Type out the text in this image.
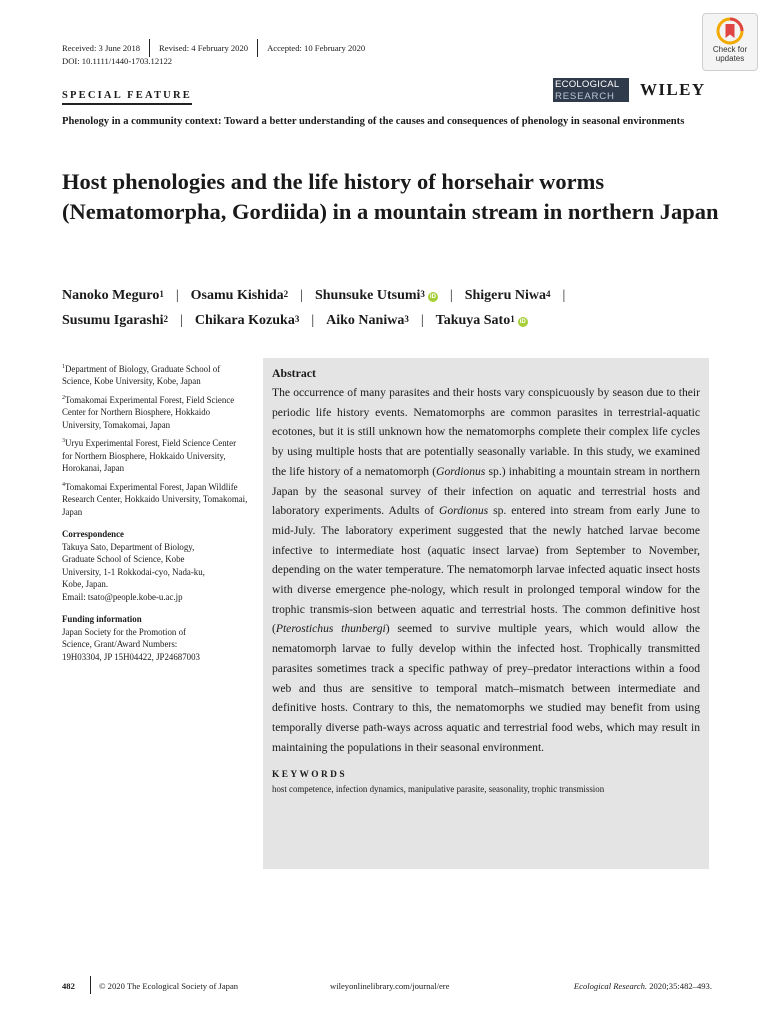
Received: 3 June 2018 Revised: 4 February 2020 Accepted: 10 February 2020
DOI: 10.1111/1440-1703.12122
Check for
updates
ECOLOGICAL
RESEARCH	WILEY
SPECIAL FEATURE
Phenology in a community context: Toward a better understanding of the causes and consequences of phenology in seasonal environments
Host phenologies and the life history of horsehair worms (Nematomorpha, Gordiida) in a mountain stream in northern Japan
Nanoko Meguro$^1$ | Osamu Kishida$^2$ | Shunsuke Utsumi$^3$ iD | Shigeru Niwa$^4$ |
Susumu Igarashi$^2$ | Chikara Kozuka$^3$ | Aiko Naniwa$^3$ | Takuya Sato$^1$ iD
$^1$Department of Biology, Graduate School of Science, Kobe University, Kobe, Japan
$^2$Tomakomai Experimental Forest, Field Science Center for Northern Biosphere, Hokkaido University, Tomakomai, Japan
$^3$Uryu Experimental Forest, Field Science Center for Northern Biosphere, Hokkaido University, Horokanai, Japan
$^4$Tomakomai Experimental Forest, Japan Wildlife Research Center, Hokkaido University, Tomakomai, Japan
Correspondence
Takuya Sato, Department of Biology,
Graduate School of Science, Kobe
University, 1-1 Rokkodai-cyo, Nada-ku,
Kobe, Japan.
Email: tsato@people.kobe-u.ac.jp
Funding information
Japan Society for the Promotion of
Science, Grant/Award Numbers:
19H03304, JP 15H04422, JP24687003
Abstract
The occurrence of many parasites and their hosts vary conspicuously by season due to their periodic life history events. Nematomorphs are common parasites in terrestrial-aquatic ecotones, but it is still unknown how the nematomorphs complete their complex life cycles by using multiple hosts that are potentially seasonally variable. In this study, we examined the life history of a nematomorph (Gordionus sp.) inhabiting a mountain stream in northern Japan by the seasonal survey of their infection on aquatic and terrestrial hosts and laboratory experiments. Adults of Gordionus sp. entered into stream from early June to mid-July. The laboratory experiment suggested that the newly hatched larvae become infective to intermediate host (aquatic insect larvae) from September to November, depending on the water temperature. The nematomorph larvae infected aquatic insect hosts with diverse emergence phe-nology, which result in prolonged temporal window for the trophic transmis-sion between aquatic and terrestrial hosts. The common definitive host (Pterostichus thunbergi) seemed to survive multiple years, which would allow the nematomorph larvae to fully develop within the infected host. Trophically transmitted parasites sometimes track a specific pathway of prey–predator interactions within a food web and thus are sensitive to temporal match–mismatch between intermediate and definitive hosts. Contrary to this, the nematomorphs we studied may benefit from using temporally diverse path-ways across aquatic and terrestrial food webs, which may result in maintaining the populations in their seasonal environment.
KEYWORDS
host competence, infection dynamics, manipulative parasite, seasonality, trophic transmission
482	© 2020 The Ecological Society of Japan	wileyonlinelibrary.com/journal/ere	Ecological Research. 2020;35:482–493.
